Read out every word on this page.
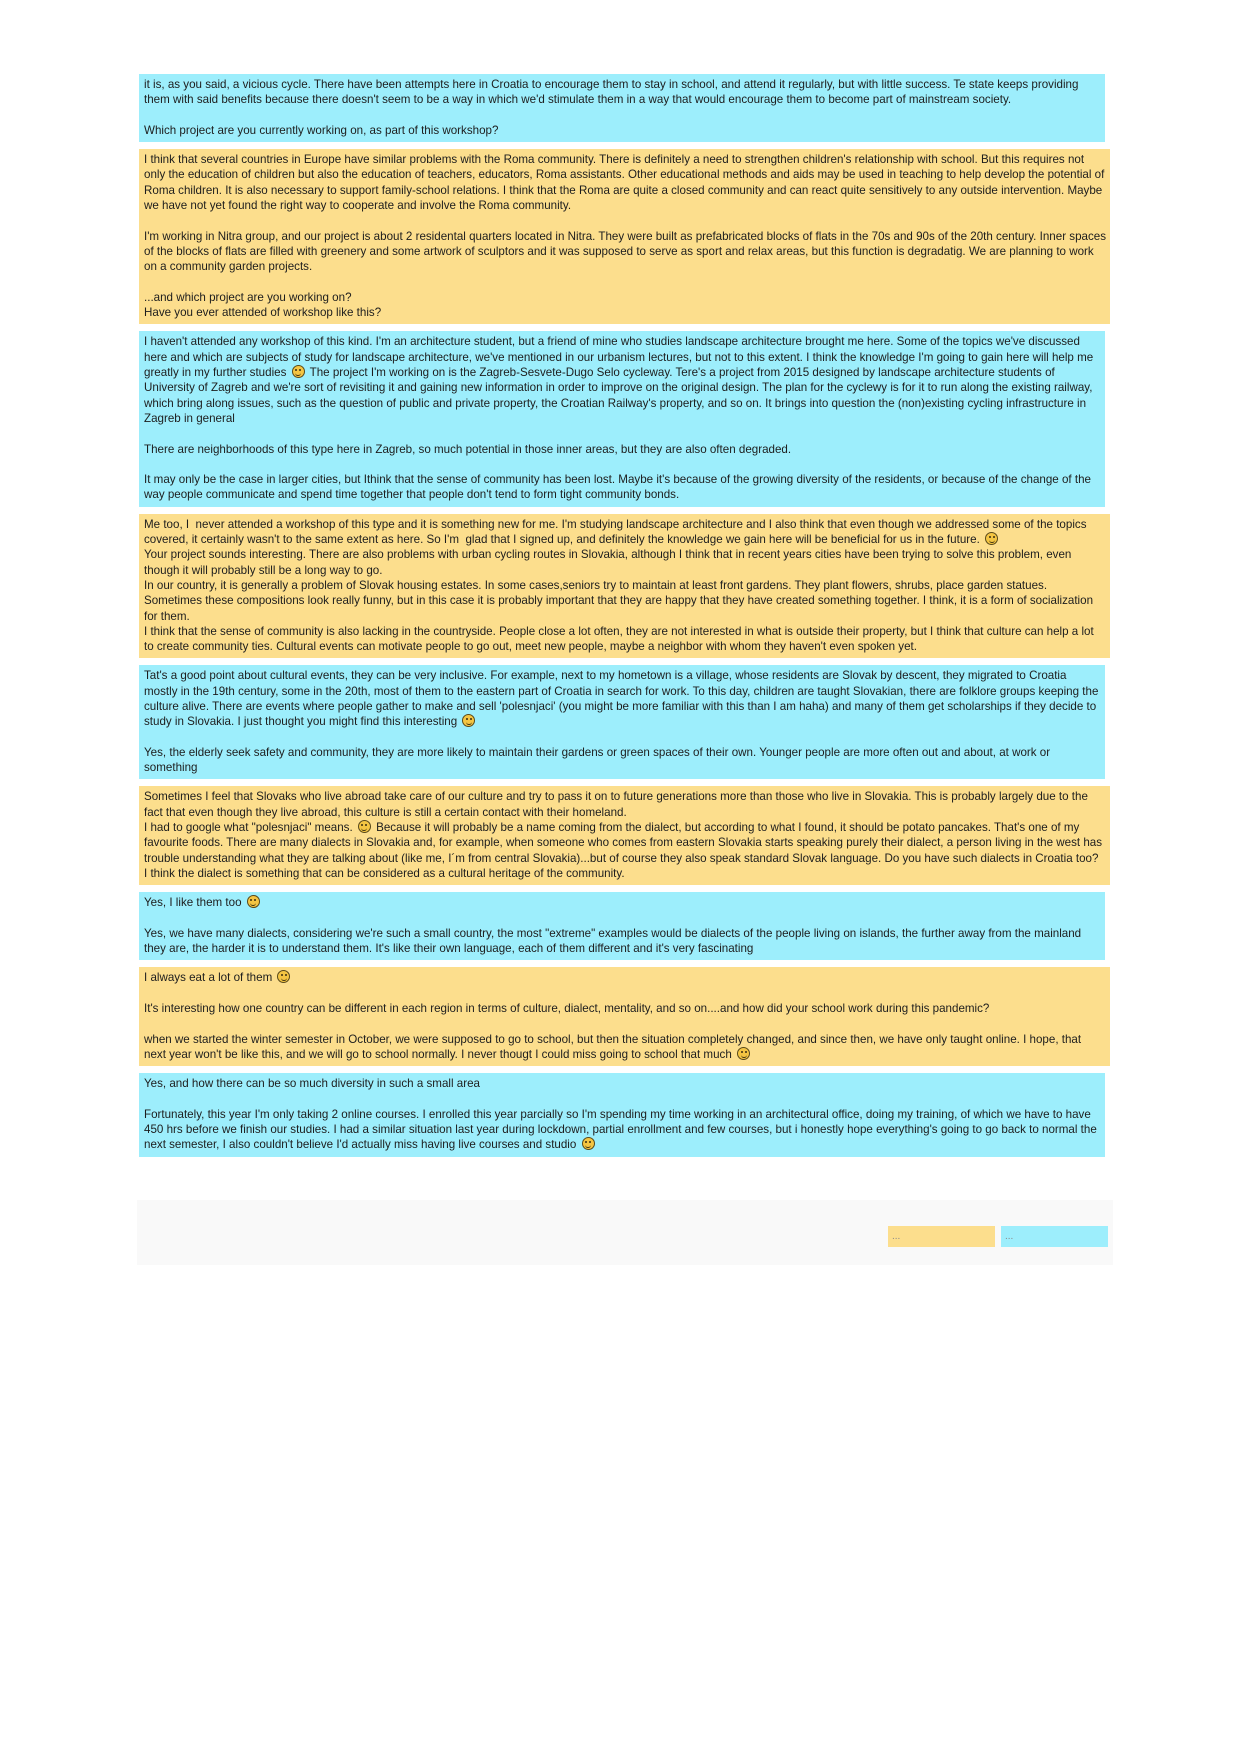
it is, as you said, a vicious cycle. There have been attempts here in Croatia to encourage them to stay in school, and attend it regularly, but with little success. Te state keeps providing them with said benefits because there doesn't seem to be a way in which we'd stimulate them in a way that would encourage them to become part of mainstream society.
Which project are you currently working on, as part of this workshop?
I think that several countries in Europe have similar problems with the Roma community. There is definitely a need to strengthen children's relationship with school. But this requires not only the education of children but also the education of teachers, educators, Roma assistants. Other educational methods and aids may be used in teaching to help develop the potential of Roma children. It is also necessary to support family-school relations. I think that the Roma are quite a closed community and can react quite sensitively to any outside intervention. Maybe we have not yet found the right way to cooperate and involve the Roma community.
I'm working in Nitra group, and our project is about 2 residental quarters located in Nitra. They were built as prefabricated blocks of flats in the 70s and 90s of the 20th century. Inner spaces of the blocks of flats are filled with greenery and some artwork of sculptors and it was supposed to serve as sport and relax areas, but this function is degradatig. We are planning to work on a community garden projects.
...and which project are you working on?
Have you ever attended of workshop like this?
I haven't attended any workshop of this kind. I'm an architecture student, but a friend of mine who studies landscape architecture brought me here. Some of the topics we've discussed here and which are subjects of study for landscape architecture, we've mentioned in our urbanism lectures, but not to this extent. I think the knowledge I'm going to gain here will help me greatly in my further studies  The project I'm working on is the Zagreb-Sesvete-Dugo Selo cycleway. Tere's a project from 2015 designed by landscape architecture students of University of Zagreb and we're sort of revisiting it and gaining new information in order to improve on the original design. The plan for the cyclewy is for it to run along the existing railway, which bring along issues, such as the question of public and private property, the Croatian Railway's property, and so on. It brings into question the (non)existing cycling infrastructure in Zagreb in general
There are neighborhoods of this type here in Zagreb, so much potential in those inner areas, but they are also often degraded.
It may only be the case in larger cities, but Ithink that the sense of community has been lost. Maybe it's because of the growing diversity of the residents, or because of the change of the way people communicate and spend time together that people don't tend to form tight community bonds.
Me too, I  never attended a workshop of this type and it is something new for me. I'm studying landscape architecture and I also think that even though we addressed some of the topics covered, it certainly wasn't to the same extent as here. So I'm  glad that I signed up, and definitely the knowledge we gain here will be beneficial for us in the future.
Your project sounds interesting. There are also problems with urban cycling routes in Slovakia, although I think that in recent years cities have been trying to solve this problem, even though it will probably still be a long way to go.
In our country, it is generally a problem of Slovak housing estates. In some cases,seniors try to maintain at least front gardens. They plant flowers, shrubs, place garden statues. Sometimes these compositions look really funny, but in this case it is probably important that they are happy that they have created something together. I think, it is a form of socialization for them.
I think that the sense of community is also lacking in the countryside. People close a lot often, they are not interested in what is outside their property, but I think that culture can help a lot to create community ties. Cultural events can motivate people to go out, meet new people, maybe a neighbor with whom they haven't even spoken yet.
Tat's a good point about cultural events, they can be very inclusive. For example, next to my hometown is a village, whose residents are Slovak by descent, they migrated to Croatia mostly in the 19th century, some in the 20th, most of them to the eastern part of Croatia in search for work. To this day, children are taught Slovakian, there are folklore groups keeping the culture alive. There are events where people gather to make and sell 'polesnjaci' (you might be more familiar with this than I am haha) and many of them get scholarships if they decide to study in Slovakia. I just thought you might find this interesting
Yes, the elderly seek safety and community, they are more likely to maintain their gardens or green spaces of their own. Younger people are more often out and about, at work or something
Sometimes I feel that Slovaks who live abroad take care of our culture and try to pass it on to future generations more than those who live in Slovakia. This is probably largely due to the fact that even though they live abroad, this culture is still a certain contact with their homeland.
I had to google what "polesnjaci" means.  Because it will probably be a name coming from the dialect, but according to what I found, it should be potato pancakes. That's one of my favourite foods. There are many dialects in Slovakia and, for example, when someone who comes from eastern Slovakia starts speaking purely their dialect, a person living in the west has trouble understanding what they are talking about (like me, I´m from central Slovakia)...but of course they also speak standard Slovak language. Do you have such dialects in Croatia too?
I think the dialect is something that can be considered as a cultural heritage of the community.
Yes, I like them too
Yes, we have many dialects, considering we're such a small country, the most "extreme" examples would be dialects of the people living on islands, the further away from the mainland they are, the harder it is to understand them. It's like their own language, each of them different and it's very fascinating
I always eat a lot of them
It's interesting how one country can be different in each region in terms of culture, dialect, mentality, and so on....and how did your school work during this pandemic?
when we started the winter semester in October, we were supposed to go to school, but then the situation completely changed, and since then, we have only taught online. I hope, that next year won't be like this, and we will go to school normally. I never thougt I could miss going to school that much
Yes, and how there can be so much diversity in such a small area
Fortunately, this year I'm only taking 2 online courses. I enrolled this year parcially so I'm spending my time working in an architectural office, doing my training, of which we have to have 450 hrs before we finish our studies. I had a similar situation last year during lockdown, partial enrollment and few courses, but i honestly hope everything's going to go back to normal the next semester, I also couldn't believe I'd actually miss having live courses and studio
...	...
